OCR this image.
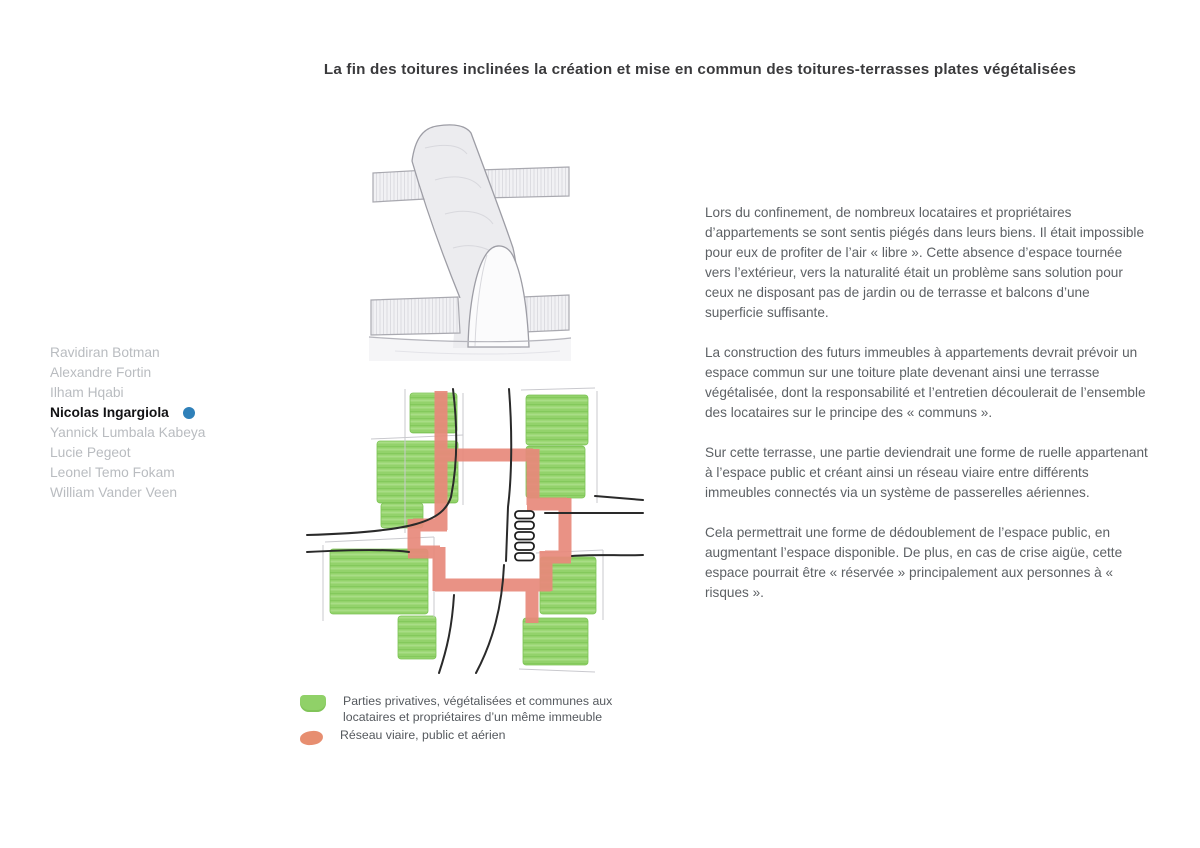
La fin des toitures inclinées la création et mise en commun des toitures-terrasses plates végétalisées
Ravidiran Botman
Alexandre Fortin
Ilham Hqabi
Nicolas Ingargiola
Yannick Lumbala Kabeya
Lucie Pegeot
Leonel Temo Fokam
William Vander Veen
Parties privatives, végétalisées et communes aux locataires et propriétaires d’un même immeuble
Réseau viaire, public et aérien

Lors du confinement, de nombreux locataires et propriétaires d’appartements se sont sentis piégés dans leurs biens. Il était impossible pour eux de profiter de l’air « libre ». Cette absence d’espace tournée vers l’extérieur, vers la naturalité était un problème sans solution pour ceux ne disposant pas de jardin ou de terrasse et balcons d’une superficie suffisante.

La construction des futurs immeubles à appartements devrait prévoir un espace commun sur une toiture plate devenant ainsi une terrasse végétalisée, dont la responsabilité et l’entretien découlerait de l’ensemble des locataires sur le principe des « communs ».

Sur cette terrasse, une partie deviendrait une forme de ruelle appartenant à l’espace public et créant ainsi un réseau viaire entre différents immeubles connectés via un système de passerelles aériennes.

Cela permettrait une forme de dédoublement de l’espace public, en augmentant l’espace disponible. De plus, en cas de crise aigüe, cette espace pourrait être « réservée » principalement aux personnes à « risques ».
